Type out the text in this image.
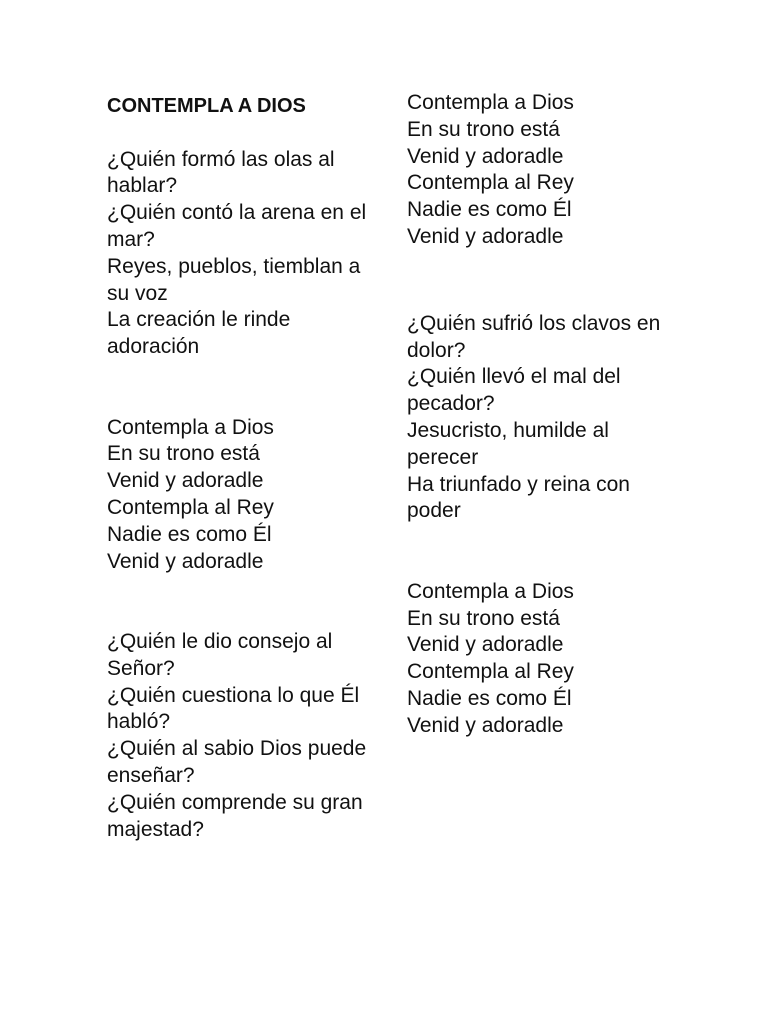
CONTEMPLA A DIOS

¿Quién formó las olas al hablar?

¿Quién contó la arena en el mar?

Reyes, pueblos, tiemblan a su voz

La creación le rinde adoración

Contempla a Dios

En su trono está

Venid y adoradle

Contempla al Rey

Nadie es como Él

Venid y adoradle

¿Quién le dio consejo al Señor?

¿Quién cuestiona lo que Él habló?

¿Quién al sabio Dios puede enseñar?

¿Quién comprende su gran majestad?

Contempla a Dios

En su trono está

Venid y adoradle

Contempla al Rey

Nadie es como Él

Venid y adoradle

¿Quién sufrió los clavos en dolor?

¿Quién llevó el mal del pecador?

Jesucristo, humilde al perecer

Ha triunfado y reina con poder

Contempla a Dios

En su trono está

Venid y adoradle

Contempla al Rey

Nadie es como Él

Venid y adoradle
